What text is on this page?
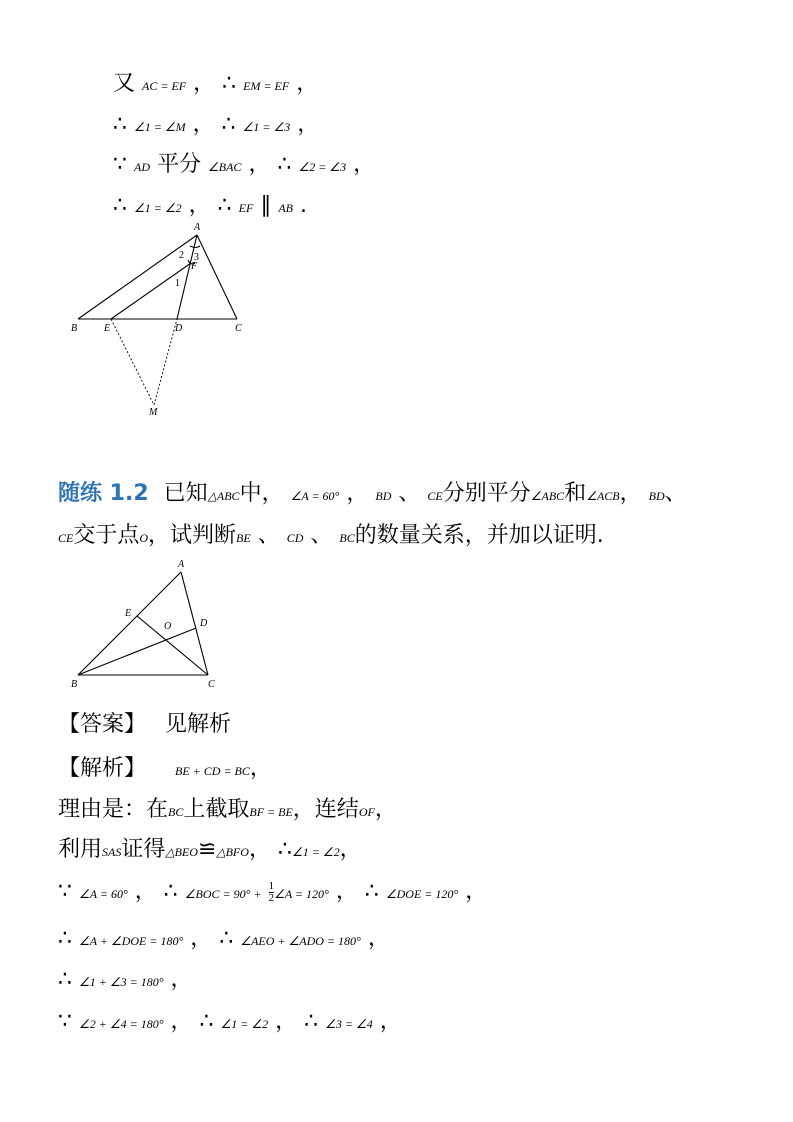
又 AC = EF ， ∴ EM = EF ，
∴ ∠1 = ∠M ， ∴ ∠1 = ∠3 ，
∵ AD 平分 ∠BAC ， ∴ ∠2 = ∠3 ，
∴ ∠1 = ∠2 ， ∴ EF ∥ AB .
A
B	E	D	C
M
F
2 3
1
随练 1.2 已知△ABC中， ∠A = 60° ， BD 、 CE分别平分∠ABC和∠ACB， BD、
CE交于点O，试判断BE 、 CD 、 BC的数量关系，并加以证明.
A
B	C
E
O	D
【答案】 见解析
【解析】 BE + CD = BC，
理由是：在BC上截取BF = BE，连结OF，
利用SAS证得△BEO≌△BFO， ∴∠1 = ∠2，
∵ ∠A = 60° ， ∴ ∠BOC = $90^\circ + \frac{1}{2}$ ∠A = 120° ， ∴ ∠DOE = 120° ，
∴ ∠A + ∠DOE = 180° ， ∴ ∠AEO + ∠ADO = 180° ，
∴ ∠1 + ∠3 = 180° ，
∵ ∠2 + ∠4 = 180° ， ∴ ∠1 = ∠2 ， ∴ ∠3 = ∠4 ，
